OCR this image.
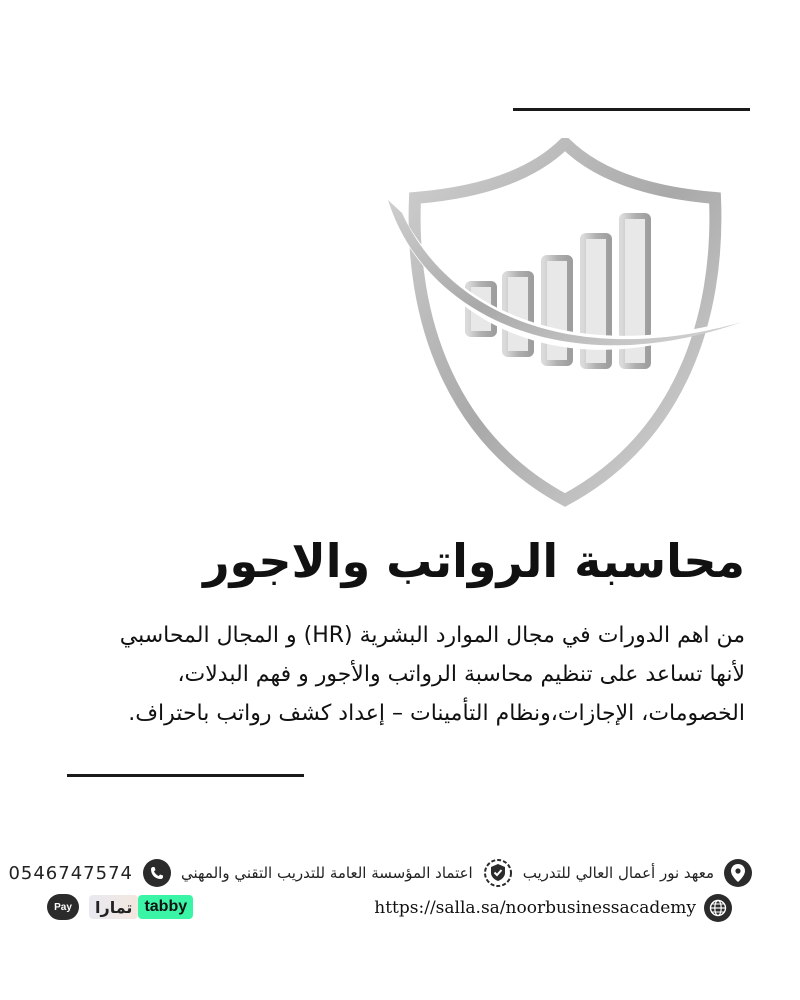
محاسبة الرواتب والاجور
من اهم الدورات في مجال الموارد البشرية (HR) و المجال المحاسبي
لأنها تساعد على تنظيم محاسبة الرواتب والأجور و فهم البدلات،
الخصومات، الإجازات،ونظام التأمينات – إعداد كشف رواتب باحتراف.
معهد نور أعمال العالي للتدريب
اعتماد المؤسسة العامة للتدريب التقني والمهني
0546747574
https://salla.sa/noorbusinessacademy
Pay	تمارا tabby
